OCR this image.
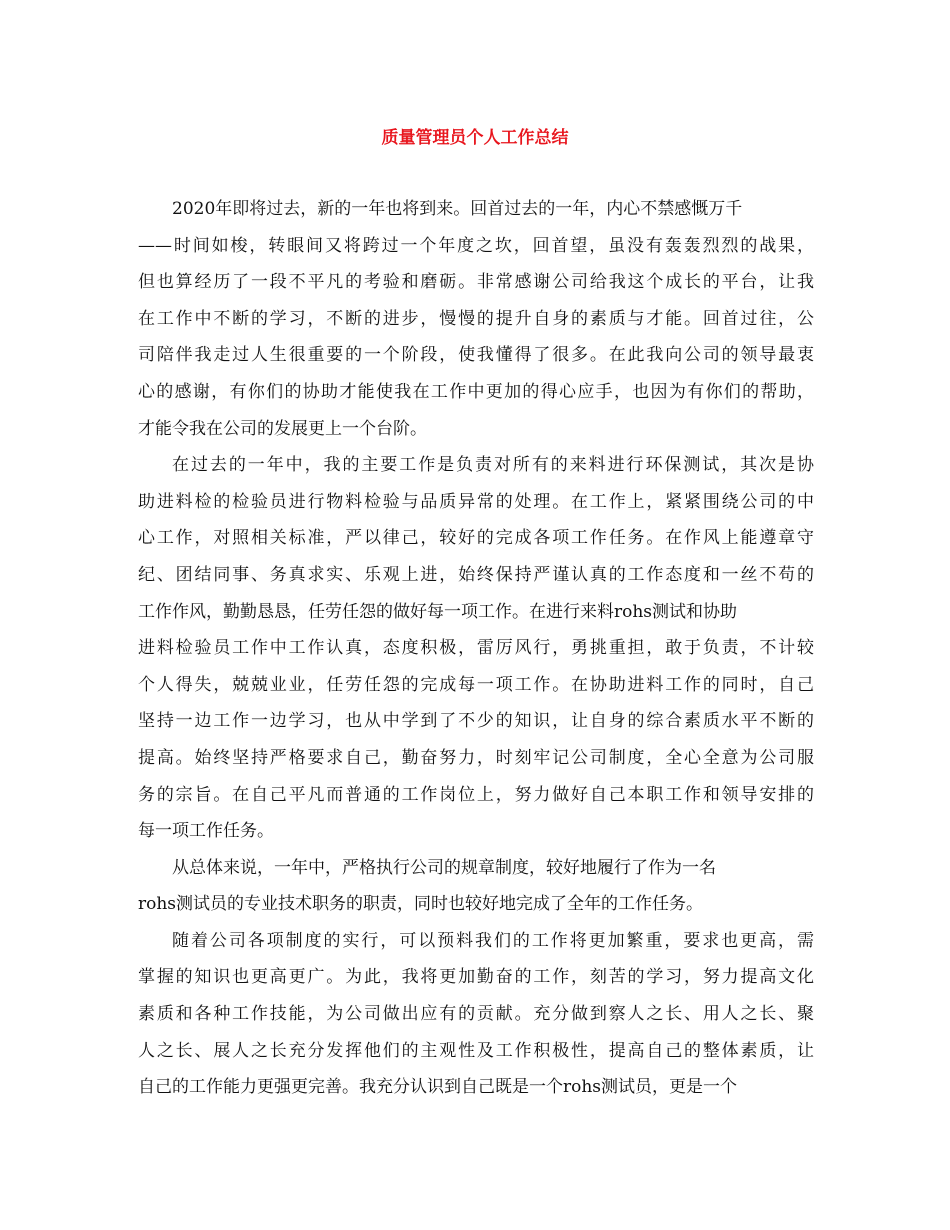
质量管理员个人工作总结
2020年即将过去，新的一年也将到来。回首过去的一年，内心不禁感慨万千
——时间如梭，转眼间又将跨过一个年度之坎，回首望，虽没有轰轰烈烈的战果，
但也算经历了一段不平凡的考验和磨砺。非常感谢公司给我这个成长的平台，让我
在工作中不断的学习，不断的进步，慢慢的提升自身的素质与才能。回首过往，公
司陪伴我走过人生很重要的一个阶段，使我懂得了很多。在此我向公司的领导最衷
心的感谢，有你们的协助才能使我在工作中更加的得心应手，也因为有你们的帮助，
才能令我在公司的发展更上一个台阶。
在过去的一年中，我的主要工作是负责对所有的来料进行环保测试，其次是协
助进料检的检验员进行物料检验与品质异常的处理。在工作上，紧紧围绕公司的中
心工作，对照相关标准，严以律己，较好的完成各项工作任务。在作风上能遵章守
纪、团结同事、务真求实、乐观上进，始终保持严谨认真的工作态度和一丝不苟的
工作作风，勤勤恳恳，任劳任怨的做好每一项工作。在进行来料rohs测试和协助
进料检验员工作中工作认真，态度积极，雷厉风行，勇挑重担，敢于负责，不计较
个人得失，兢兢业业，任劳任怨的完成每一项工作。在协助进料工作的同时，自己
坚持一边工作一边学习，也从中学到了不少的知识，让自身的综合素质水平不断的
提高。始终坚持严格要求自己，勤奋努力，时刻牢记公司制度，全心全意为公司服
务的宗旨。在自己平凡而普通的工作岗位上，努力做好自己本职工作和领导安排的
每一项工作任务。
从总体来说，一年中，严格执行公司的规章制度，较好地履行了作为一名
rohs测试员的专业技术职务的职责，同时也较好地完成了全年的工作任务。
随着公司各项制度的实行，可以预料我们的工作将更加繁重，要求也更高，需
掌握的知识也更高更广。为此，我将更加勤奋的工作，刻苦的学习，努力提高文化
素质和各种工作技能，为公司做出应有的贡献。充分做到察人之长、用人之长、聚
人之长、展人之长充分发挥他们的主观性及工作积极性，提高自己的整体素质，让
自己的工作能力更强更完善。我充分认识到自己既是一个rohs测试员，更是一个
